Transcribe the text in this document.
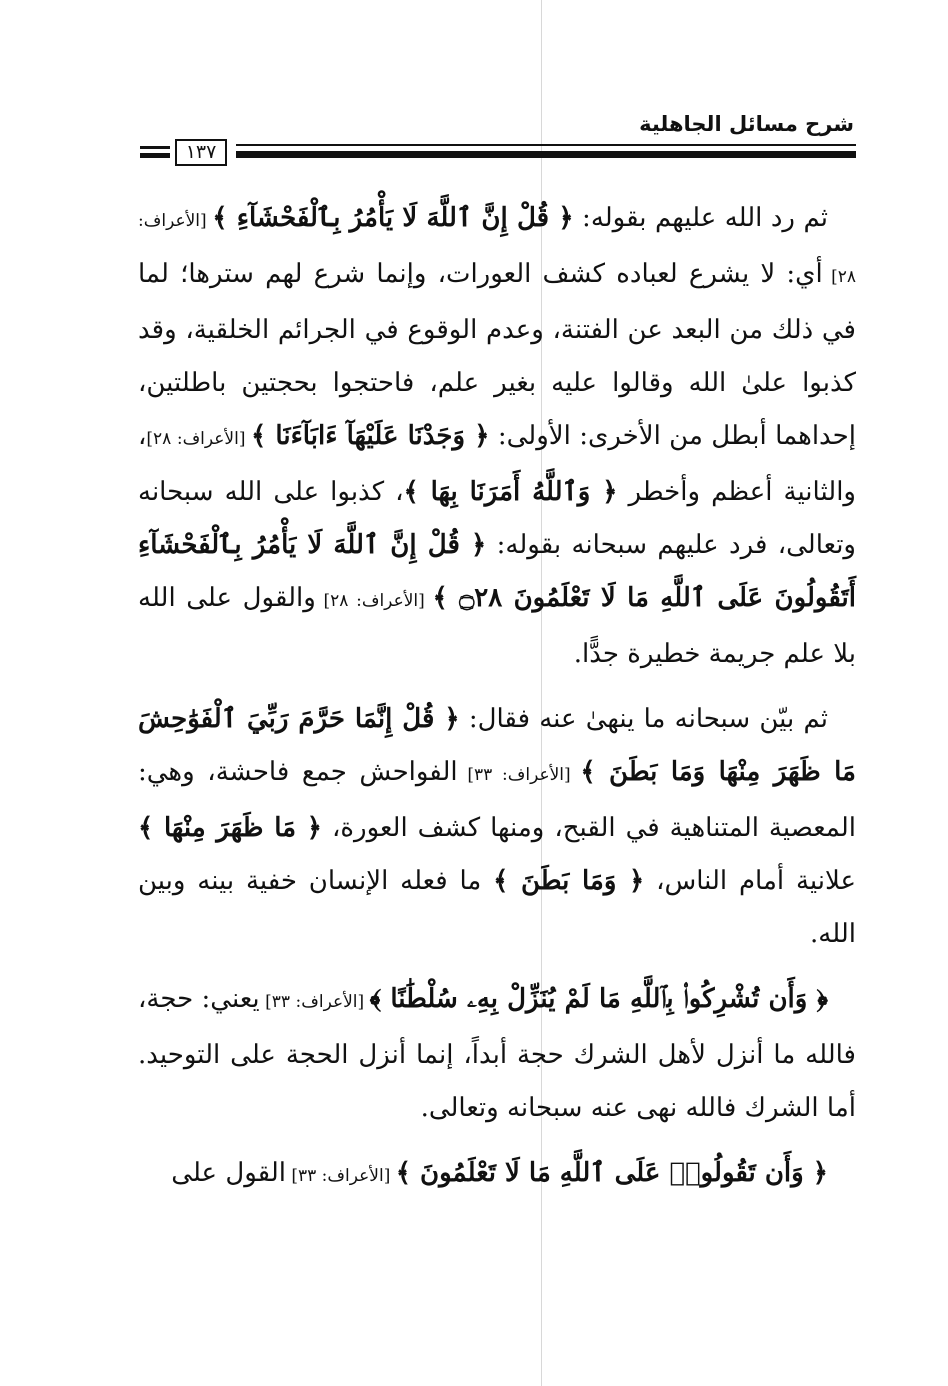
شرح مسائل الجاهلية
١٣٧

ثم رد الله عليهم بقوله: ﴿ قُلْ إِنَّ ٱللَّهَ لَا يَأْمُرُ بِٱلْفَحْشَآءِ ﴾ [الأعراف: ٢٨] أي: لا يشرع لعباده كشف العورات، وإنما شرع لهم سترها؛ لما في ذلك من البعد عن الفتنة، وعدم الوقوع في الجرائم الخلقية، وقد كذبوا علىٰ الله وقالوا عليه بغير علم، فاحتجوا بحجتين باطلتين، إحداهما أبطل من الأخرى: الأولى: ﴿ وَجَدْنَا عَلَيْهَآ ءَابَآءَنَا ﴾ [الأعراف: ٢٨]، والثانية أعظم وأخطر ﴿ وَٱللَّهُ أَمَرَنَا بِهَا ﴾، كذبوا على الله سبحانه وتعالى، فرد عليهم سبحانه بقوله: ﴿ قُلْ إِنَّ ٱللَّهَ لَا يَأْمُرُ بِٱلْفَحْشَآءِ أَتَقُولُونَ عَلَى ٱللَّهِ مَا لَا تَعْلَمُونَ ۝٢٨ ﴾ [الأعراف: ٢٨] والقول على الله بلا علم جريمة خطيرة جدًّا.

ثم بيّن سبحانه ما ينهىٰ عنه فقال: ﴿ قُلْ إِنَّمَا حَرَّمَ رَبِّيَ ٱلْفَوَٰحِشَ مَا ظَهَرَ مِنْهَا وَمَا بَطَنَ ﴾ [الأعراف: ٣٣] الفواحش جمع فاحشة، وهي: المعصية المتناهية في القبح، ومنها كشف العورة، ﴿ مَا ظَهَرَ مِنْهَا ﴾ علانية أمام الناس، ﴿ وَمَا بَطَنَ ﴾ ما فعله الإنسان خفية بينه وبين الله.

﴿ وَأَن تُشْرِكُوا۟ بِٱللَّهِ مَا لَمْ يُنَزِّلْ بِهِۦ سُلْطَٰنًا ﴾ [الأعراف: ٣٣] يعني: حجة، فالله ما أنزل لأهل الشرك حجة أبداً، إنما أنزل الحجة على التوحيد. أما الشرك فالله نهى عنه سبحانه وتعالى.

﴿ وَأَن تَقُولُوا۟ عَلَى ٱللَّهِ مَا لَا تَعْلَمُونَ ﴾ [الأعراف: ٣٣] القول على
